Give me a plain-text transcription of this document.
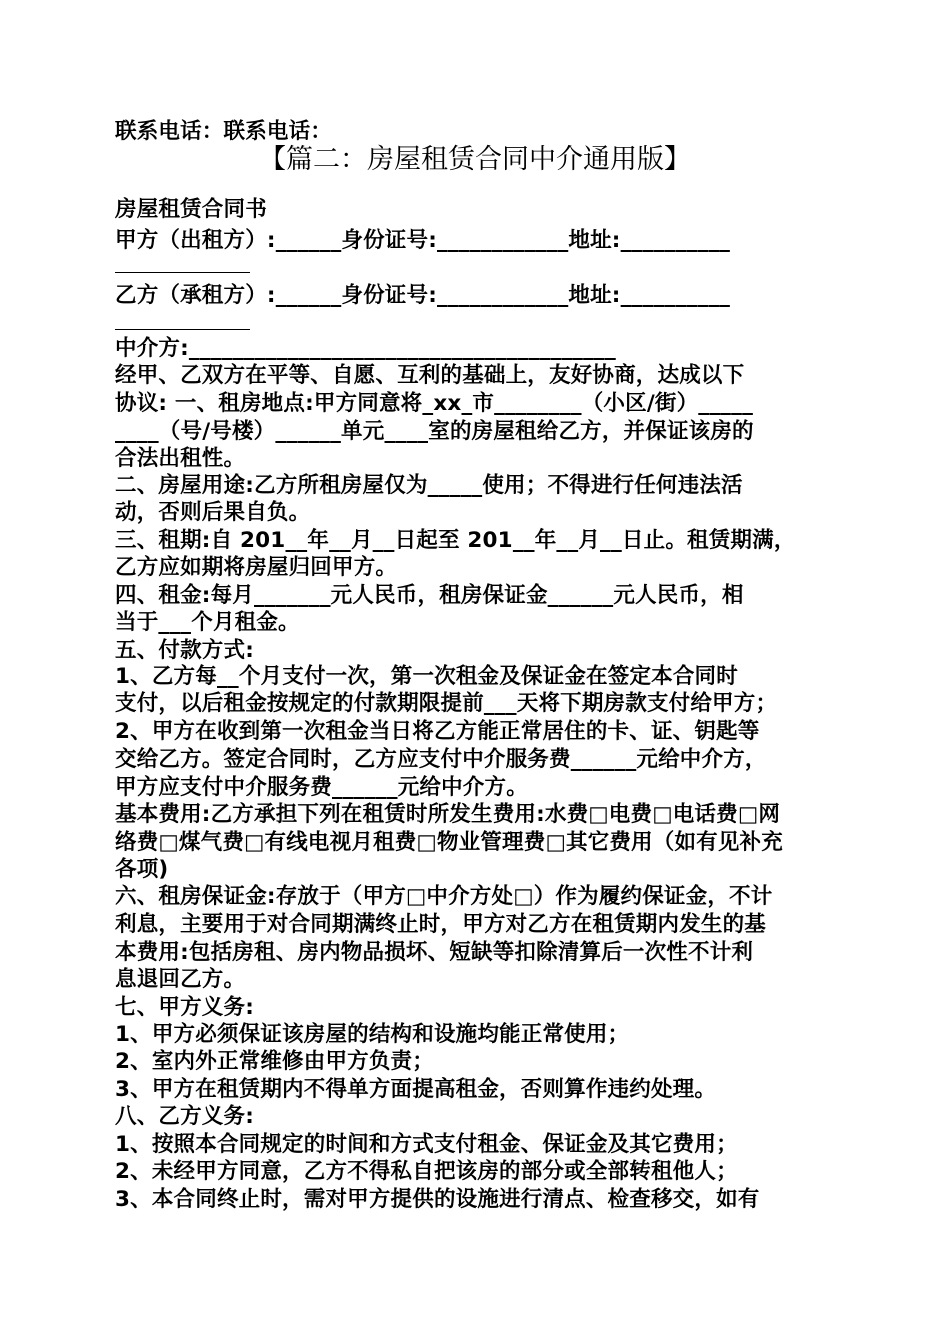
联系电话：联系电话：
【篇二：房屋租赁合同中介通用版】
房屋租赁合同书
甲方（出租方）:______身份证号:____________地址:__________
乙方（承租方）:______身份证号:____________地址:__________
中介方:_______________________________________
经甲、乙双方在平等、自愿、互利的基础上，友好协商，达成以下
协议: 一、租房地点:甲方同意将_xx_市________（小区/街）_____
____（号/号楼）______单元____室的房屋租给乙方，并保证该房的
合法出租性。
二、房屋用途:乙方所租房屋仅为_____使用；不得进行任何违法活
动，否则后果自负。
三、租期:自 201__年__月__日起至 201__年__月__日止。租赁期满，
乙方应如期将房屋归回甲方。
四、租金:每月_______元人民币，租房保证金______元人民币，相
当于___个月租金。
五、付款方式:
1、乙方每__个月支付一次，第一次租金及保证金在签定本合同时
支付，以后租金按规定的付款期限提前___天将下期房款支付给甲方；
2、甲方在收到第一次租金当日将乙方能正常居住的卡、证、钥匙等
交给乙方。签定合同时，乙方应支付中介服务费______元给中介方，
甲方应支付中介服务费______元给中介方。
基本费用:乙方承担下列在租赁时所发生费用:水费□电费□电话费□网
络费□煤气费□有线电视月租费□物业管理费□其它费用（如有见补充
各项)
六、租房保证金:存放于（甲方□中介方处□）作为履约保证金，不计
利息，主要用于对合同期满终止时，甲方对乙方在租赁期内发生的基
本费用:包括房租、房内物品损坏、短缺等扣除清算后一次性不计利
息退回乙方。
七、甲方义务:
1、甲方必须保证该房屋的结构和设施均能正常使用；
2、室内外正常维修由甲方负责；
3、甲方在租赁期内不得单方面提高租金，否则算作违约处理。
八、乙方义务:
1、按照本合同规定的时间和方式支付租金、保证金及其它费用；
2、未经甲方同意，乙方不得私自把该房的部分或全部转租他人；
3、本合同终止时，需对甲方提供的设施进行清点、检查移交，如有
